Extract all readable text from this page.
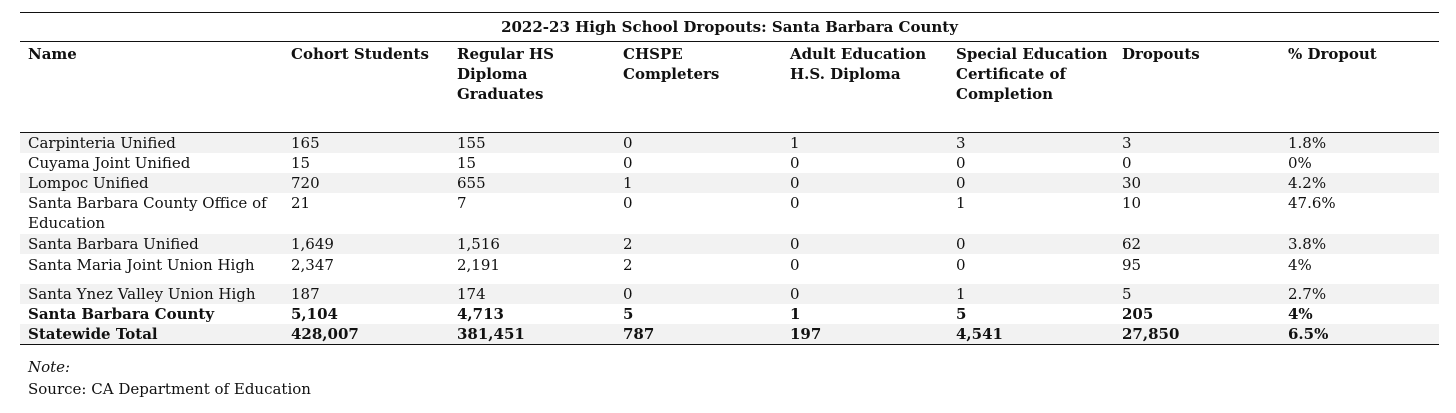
2022-23 High School Dropouts: Santa Barbara County							

Name	Cohort Students	Regular HS Diploma Graduates	CHSPE Completers	Adult Education H.S. Diploma	Special Education Certificate of Completion	Dropouts	% Dropout

Carpinteria Unified	165	155	0	1	3	3	1.8%
Cuyama Joint Unified	15	15	0	0	0	0	0%
Lompoc Unified	720	655	1	0	0	30	4.2%
Santa Barbara County Office of Education	21	7	0	0	1	10	47.6%
Santa Barbara Unified	1,649	1,516	2	0	0	62	3.8%
Santa Maria Joint Union High	2,347	2,191	2	0	0	95	4%
Santa Ynez Valley Union High	187	174	0	0	1	5	2.7%
Santa Barbara County	5,104	4,713	5	1	5	205	4%
Statewide Total	428,007	381,451	787	197	4,541	27,850	6.5%
Note:
Source: CA Department of Education
